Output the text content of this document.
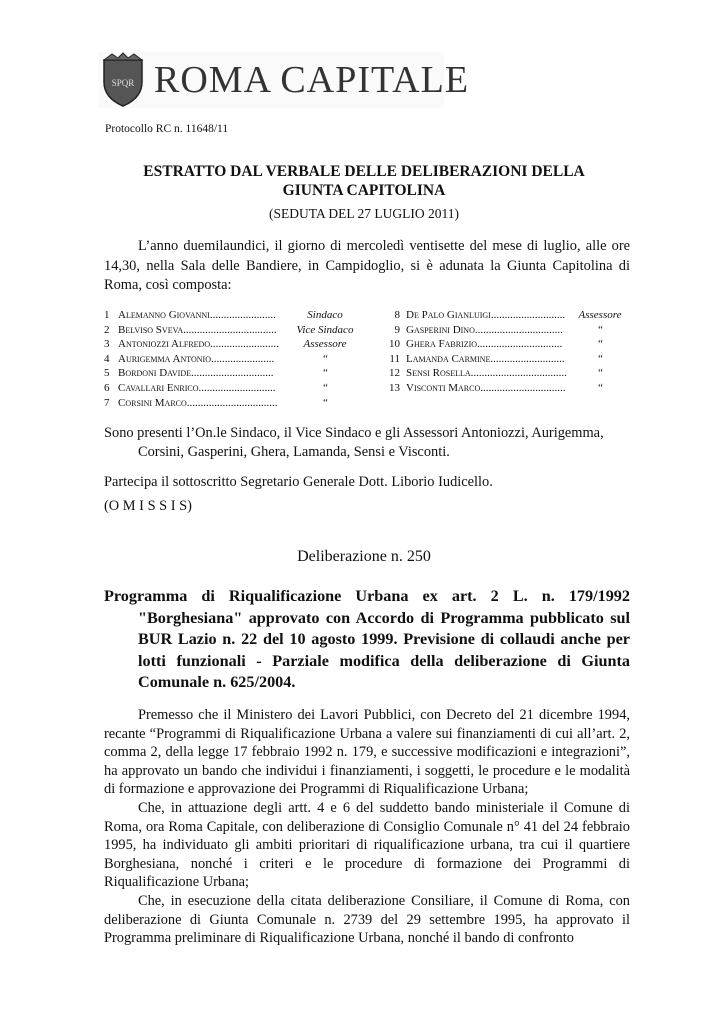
SPQR ROMA CAPITALE
Protocollo RC n. 11648/11
ESTRATTO DAL VERBALE DELLE DELIBERAZIONI DELLA
GIUNTA CAPITOLINA
(SEDUTA DEL 27 LUGLIO 2011)
L’anno duemilaundici, il giorno di mercoledì ventisette del mese di luglio, alle ore 14,30, nella Sala delle Bandiere, in Campidoglio, si è adunata la Giunta Capitolina di Roma, così composta:
1 Alemanno Giovanni........................	Sindaco
2 Belviso Sveva..................................	Vice Sindaco
3 Antoniozzi Alfredo.........................	Assessore
4 Aurigemma Antonio.......................	“
5 Bordoni Davide..............................	“
6 Cavallari Enrico............................	“
7 Corsini Marco.................................	“
8 De Palo Gianluigi...........................	Assessore
9 Gasperini Dino................................	“
10 Ghera Fabrizio...............................	“
11 Lamanda Carmine...........................	“
12 Sensi Rosella...................................	“
13 Visconti Marco...............................	“
Sono presenti l’On.le Sindaco, il Vice Sindaco e gli Assessori Antoniozzi, Aurigemma,
Corsini, Gasperini, Ghera, Lamanda, Sensi e Visconti.
Partecipa il sottoscritto Segretario Generale Dott. Liborio Iudicello.
(O M I S S I S)
Deliberazione n. 250
Programma di Riqualificazione Urbana ex art. 2 L. n. 179/1992
"Borghesiana" approvato con Accordo di Programma pubblicato sul BUR Lazio n. 22 del 10 agosto 1999. Previsione di collaudi anche per lotti funzionali - Parziale modifica della deliberazione di Giunta Comunale n. 625/2004.
Premesso che il Ministero dei Lavori Pubblici, con Decreto del 21 dicembre 1994, recante “Programmi di Riqualificazione Urbana a valere sui finanziamenti di cui all’art. 2, comma 2, della legge 17 febbraio 1992 n. 179, e successive modificazioni e integrazioni”, ha approvato un bando che individui i finanziamenti, i soggetti, le procedure e le modalità di formazione e approvazione dei Programmi di Riqualificazione Urbana;
Che, in attuazione degli artt. 4 e 6 del suddetto bando ministeriale il Comune di Roma, ora Roma Capitale, con deliberazione di Consiglio Comunale n° 41 del 24 febbraio 1995, ha individuato gli ambiti prioritari di riqualificazione urbana, tra cui il quartiere Borghesiana, nonché i criteri e le procedure di formazione dei Programmi di Riqualificazione Urbana;
Che, in esecuzione della citata deliberazione Consiliare, il Comune di Roma, con deliberazione di Giunta Comunale n. 2739 del 29 settembre 1995, ha approvato il Programma preliminare di Riqualificazione Urbana, nonché il bando di confronto
